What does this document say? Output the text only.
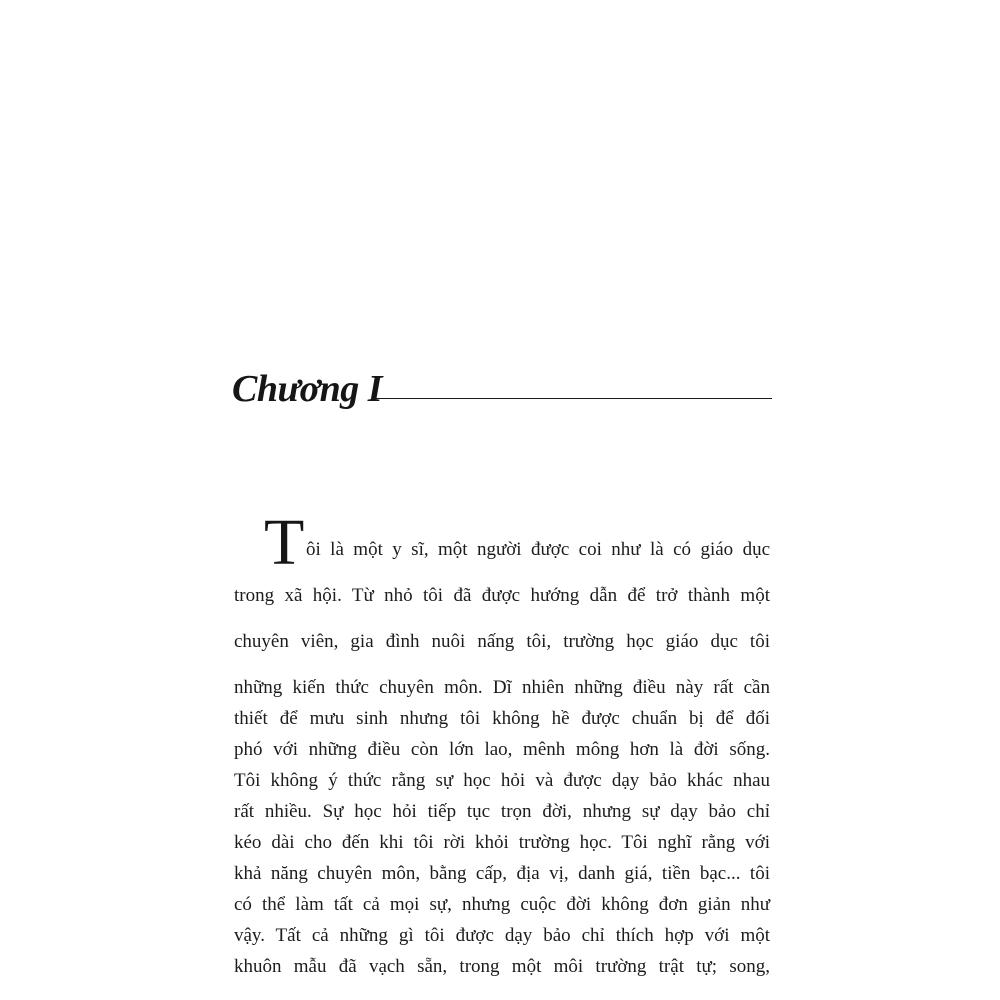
Chương I
T ôi là một y sĩ, một người được coi như là có giáo dục
trong xã hội. Từ nhỏ tôi đã được hướng dẫn để trở thành một
chuyên viên, gia đình nuôi nấng tôi, trường học giáo dục tôi
những kiến thức chuyên môn. Dĩ nhiên những điều này rất cần
thiết để mưu sinh nhưng tôi không hề được chuẩn bị để đối
phó với những điều còn lớn lao, mênh mông hơn là đời sống.
Tôi không ý thức rằng sự học hỏi và được dạy bảo khác nhau
rất nhiều. Sự học hỏi tiếp tục trọn đời, nhưng sự dạy bảo chỉ
kéo dài cho đến khi tôi rời khỏi trường học. Tôi nghĩ rằng với
khả năng chuyên môn, bằng cấp, địa vị, danh giá, tiền bạc... tôi
có thể làm tất cả mọi sự, nhưng cuộc đời không đơn giản như
vậy. Tất cả những gì tôi được dạy bảo chỉ thích hợp với một
khuôn mẫu đã vạch sẵn, trong một môi trường trật tự; song,
